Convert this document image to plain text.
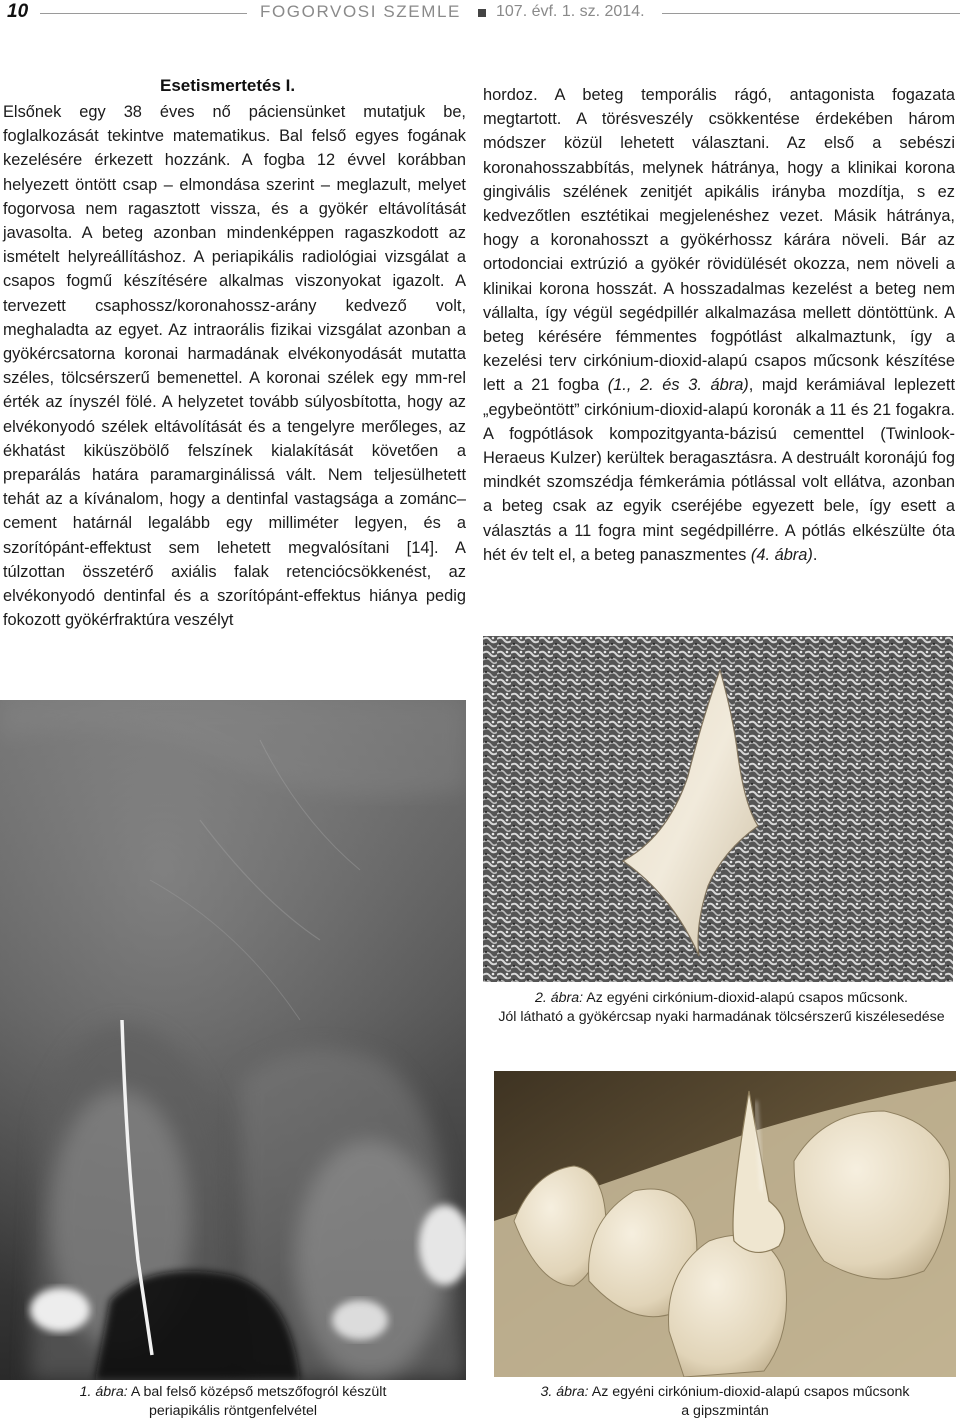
10	FOGORVOSI SZEMLE 107. évf. 1. sz. 2014.
Esetismertetés I.

Elsőnek egy 38 éves nő páciensünket mutatjuk be, foglalkozását tekintve matematikus. Bal felső egyes fogának kezelésére érkezett hozzánk. A fogba 12 évvel korábban helyezett öntött csap – elmondása szerint – meglazult, melyet fogorvosa nem ragasztott vissza, és a gyökér eltávolítását javasolta. A beteg azonban mindenképpen ragaszkodott az ismételt helyreállításhoz. A periapikális radiológiai vizsgálat a csapos fogmű készítésére alkalmas viszonyokat igazolt. A tervezett csaphossz/koronahossz-arány kedvező volt, meghaladta az egyet. Az intraorális fizikai vizsgálat azonban a gyökércsatorna koronai harmadának elvékonyodását mutatta széles, tölcsérszerű bemenettel. A koronai szélek egy mm-rel érték az ínyszél fölé. A helyzetet tovább súlyosbította, hogy az elvékonyodó szélek eltávolítását és a tengelyre merőleges, az ékhatást kiküszöbölő felszínek kialakítását követően a preparálás határa paramarginálissá vált. Nem teljesülhetett tehát az a kívánalom, hogy a dentinfal vastagsága a zománc–cement határnál legalább egy milliméter legyen, és a szorítópánt-effektust sem lehetett megvalósítani [14]. A túlzottan összetérő axiális falak retenciócsökkenést, az elvékonyodó dentinfal és a szorítópánt-effektus hiánya pedig fokozott gyökérfraktúra veszélyt

hordoz. A beteg temporális rágó, antagonista fogazata megtartott. A törésveszély csökkentése érdekében három módszer közül lehetett választani. Az első a sebészi koronahosszabbítás, melynek hátránya, hogy a klinikai korona gingivális szélének zenitjét apikális irányba mozdítja, s ez kedvezőtlen esztétikai megjelenéshez vezet. Másik hátránya, hogy a koronahosszt a gyökérhossz kárára növeli. Bár az ortodonciai extrúzió a gyökér rövidülését okozza, nem növeli a klinikai korona hosszát. A hosszadalmas kezelést a beteg nem vállalta, így végül segédpillér alkalmazása mellett döntöttünk. A beteg kérésére fémmentes fogpótlást alkalmaztunk, így a kezelési terv cirkónium-dioxid-alapú csapos műcsonk készítése lett a 21 fogba (1., 2. és 3. ábra), majd kerámiával leplezett „egybeöntött” cirkónium-dioxid-alapú koronák a 11 és 21 fogakra. A fogpótlások kompozitgyanta-bázisú cementtel (Twinlook-Heraeus Kulzer) kerültek beragasztásra. A destruált koronájú fog mindkét szomszédja fémkerámia pótlással volt ellátva, azonban a beteg csak az egyik cseréjébe egyezett bele, így esett a választás a 11 fogra mint segédpillérre. A pótlás elkészülte óta hét év telt el, a beteg panaszmentes (4. ábra).

2. ábra: Az egyéni cirkónium-dioxid-alapú csapos műcsonk.
Jól látható a gyökércsap nyaki harmadának tölcsérszerű kiszélesedése
1. ábra: A bal felső középső metszőfogról készült
periapikális röntgenfelvétel
3. ábra: Az egyéni cirkónium-dioxid-alapú csapos műcsonk
a gipszmintán
